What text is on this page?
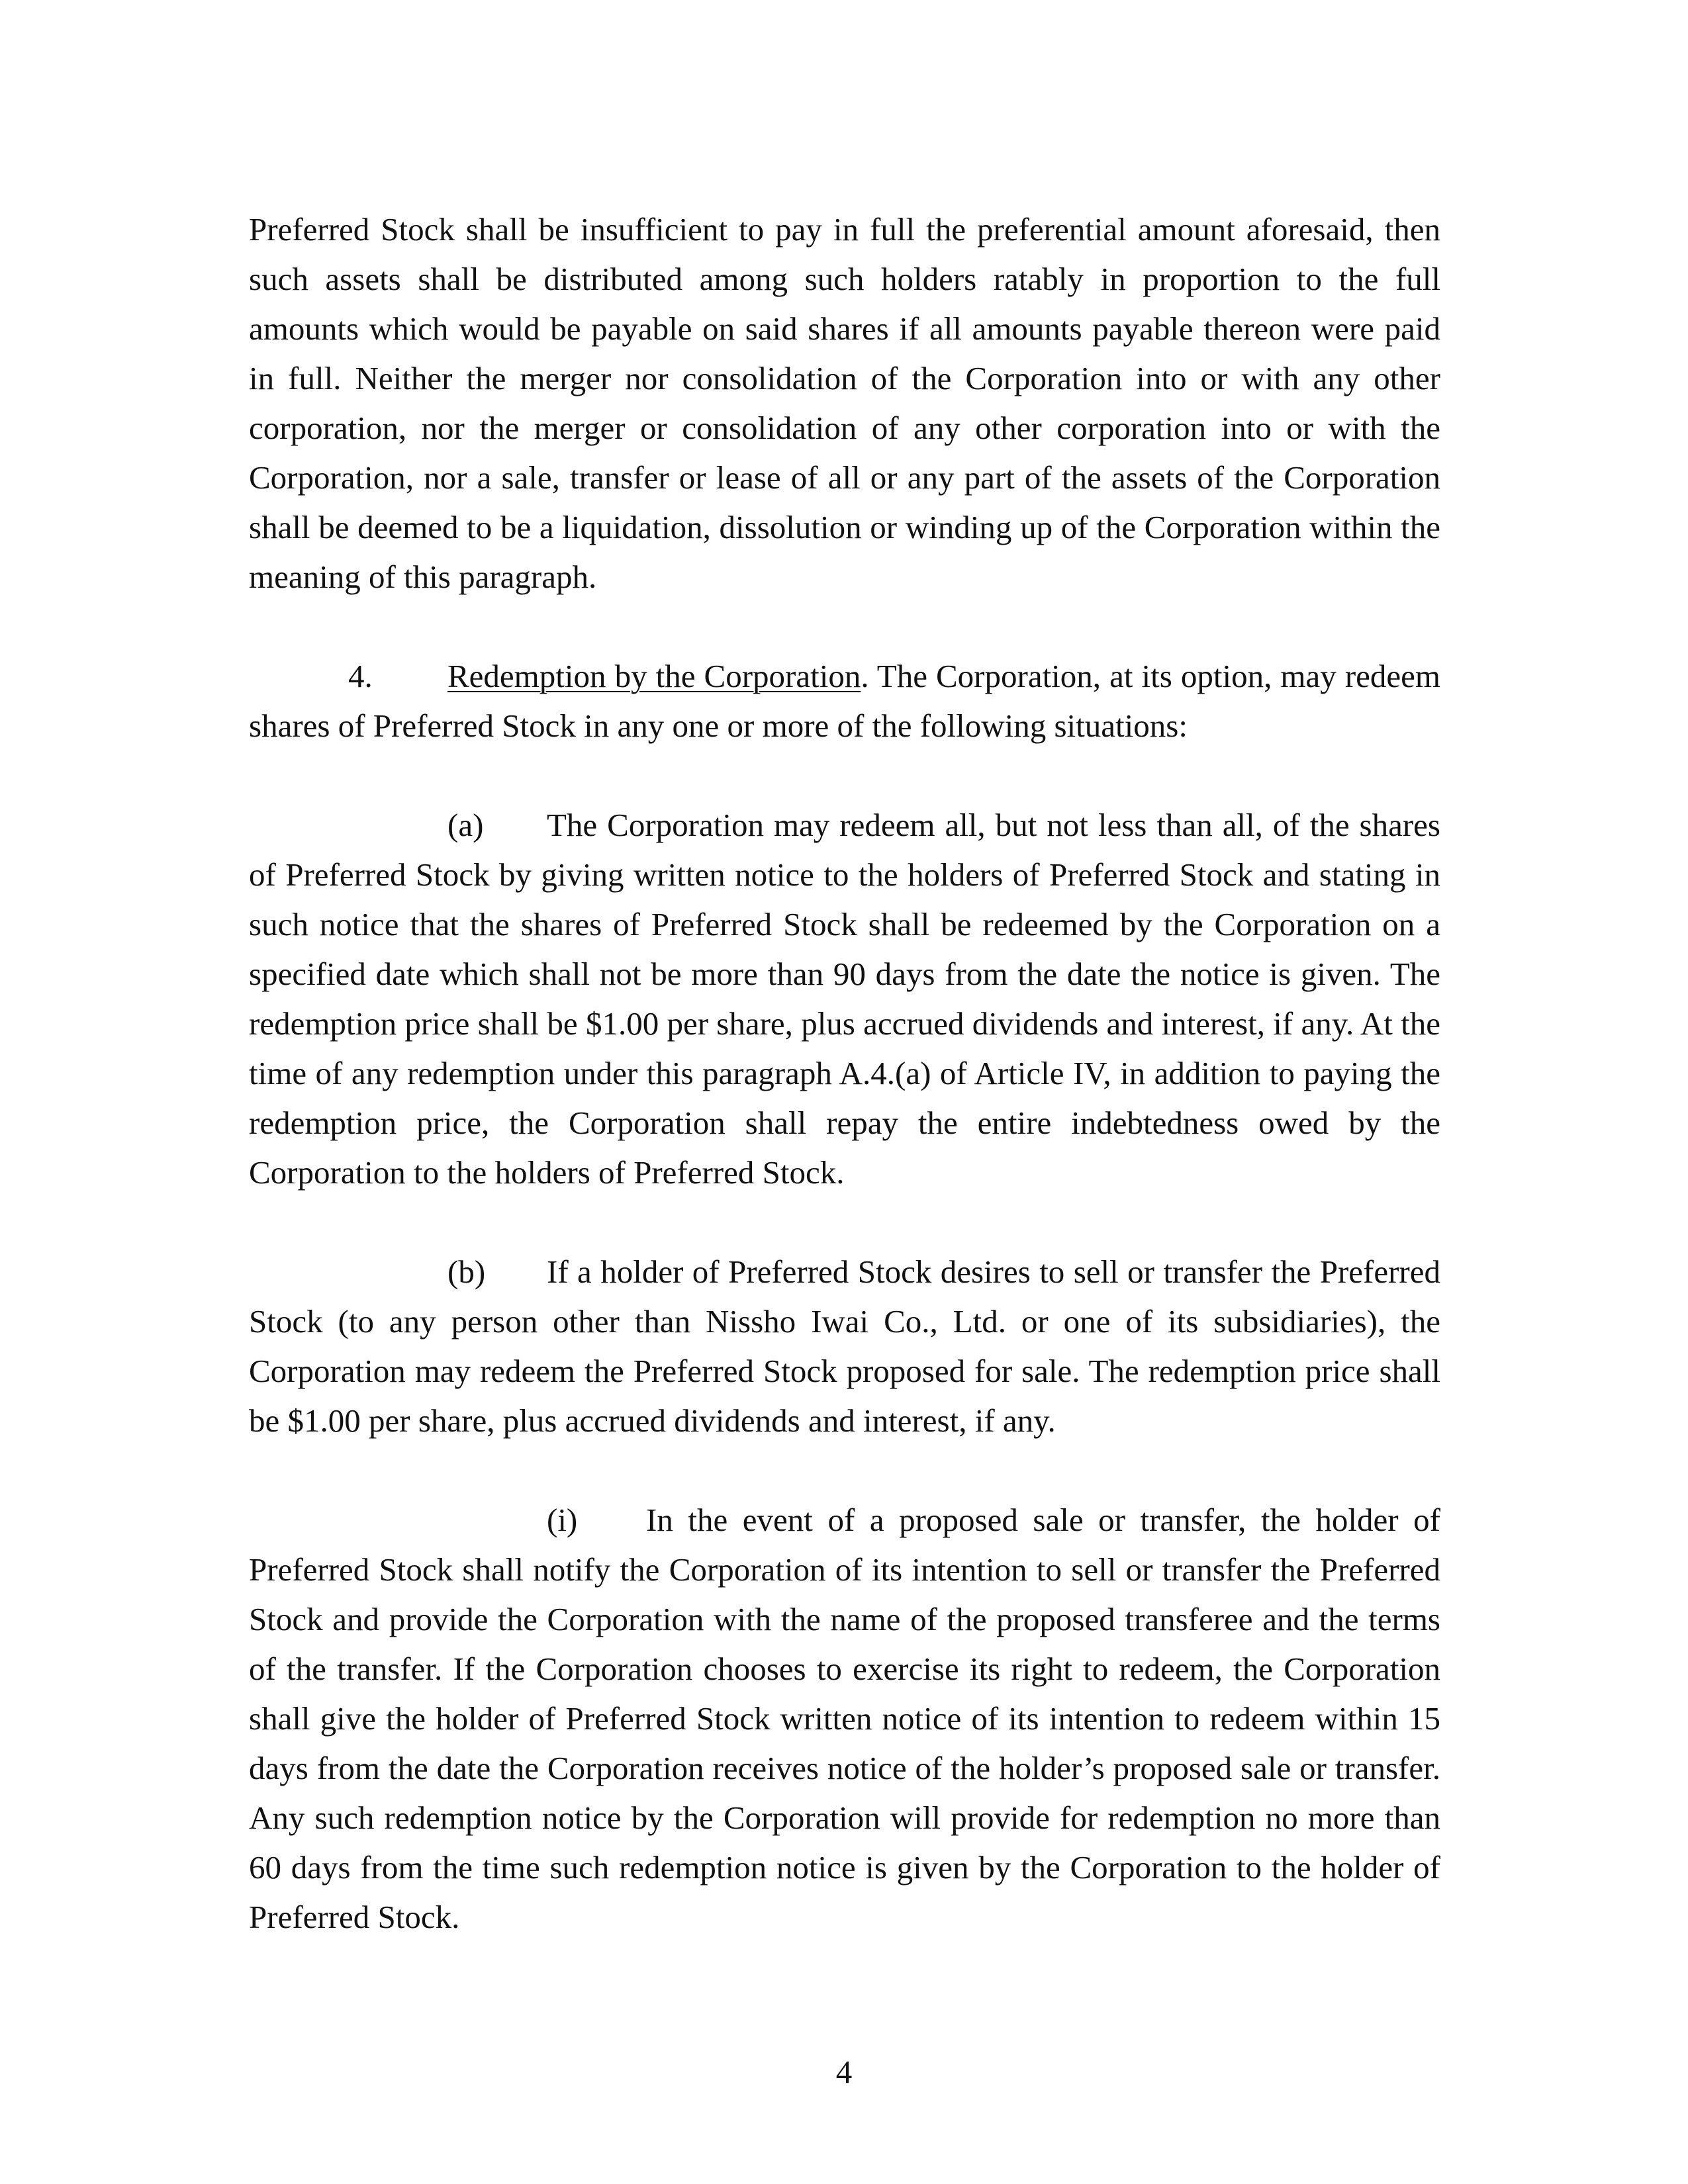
Preferred Stock shall be insufficient to pay in full the preferential amount aforesaid, then such assets shall be distributed among such holders ratably in proportion to the full amounts which would be payable on said shares if all amounts payable thereon were paid in full. Neither the merger nor consolidation of the Corporation into or with any other corporation, nor the merger or consolidation of any other corporation into or with the Corporation, nor a sale, transfer or lease of all or any part of the assets of the Corporation shall be deemed to be a liquidation, dissolution or winding up of the Corporation within the meaning of this paragraph.

4. Redemption by the Corporation. The Corporation, at its option, may redeem shares of Preferred Stock in any one or more of the following situations:

(a) The Corporation may redeem all, but not less than all, of the shares of Preferred Stock by giving written notice to the holders of Preferred Stock and stating in such notice that the shares of Preferred Stock shall be redeemed by the Corporation on a specified date which shall not be more than 90 days from the date the notice is given. The redemption price shall be $1.00 per share, plus accrued dividends and interest, if any. At the time of any redemption under this paragraph A.4.(a) of Article IV, in addition to paying the redemption price, the Corporation shall repay the entire indebtedness owed by the Corporation to the holders of Preferred Stock.

(b) If a holder of Preferred Stock desires to sell or transfer the Preferred Stock (to any person other than Nissho Iwai Co., Ltd. or one of its subsidiaries), the Corporation may redeem the Preferred Stock proposed for sale. The redemption price shall be $1.00 per share, plus accrued dividends and interest, if any.

(i) In the event of a proposed sale or transfer, the holder of Preferred Stock shall notify the Corporation of its intention to sell or transfer the Preferred Stock and provide the Corporation with the name of the proposed transferee and the terms of the transfer. If the Corporation chooses to exercise its right to redeem, the Corporation shall give the holder of Preferred Stock written notice of its intention to redeem within 15 days from the date the Corporation receives notice of the holder’s proposed sale or transfer. Any such redemption notice by the Corporation will provide for redemption no more than 60 days from the time such redemption notice is given by the Corporation to the holder of Preferred Stock.

4
